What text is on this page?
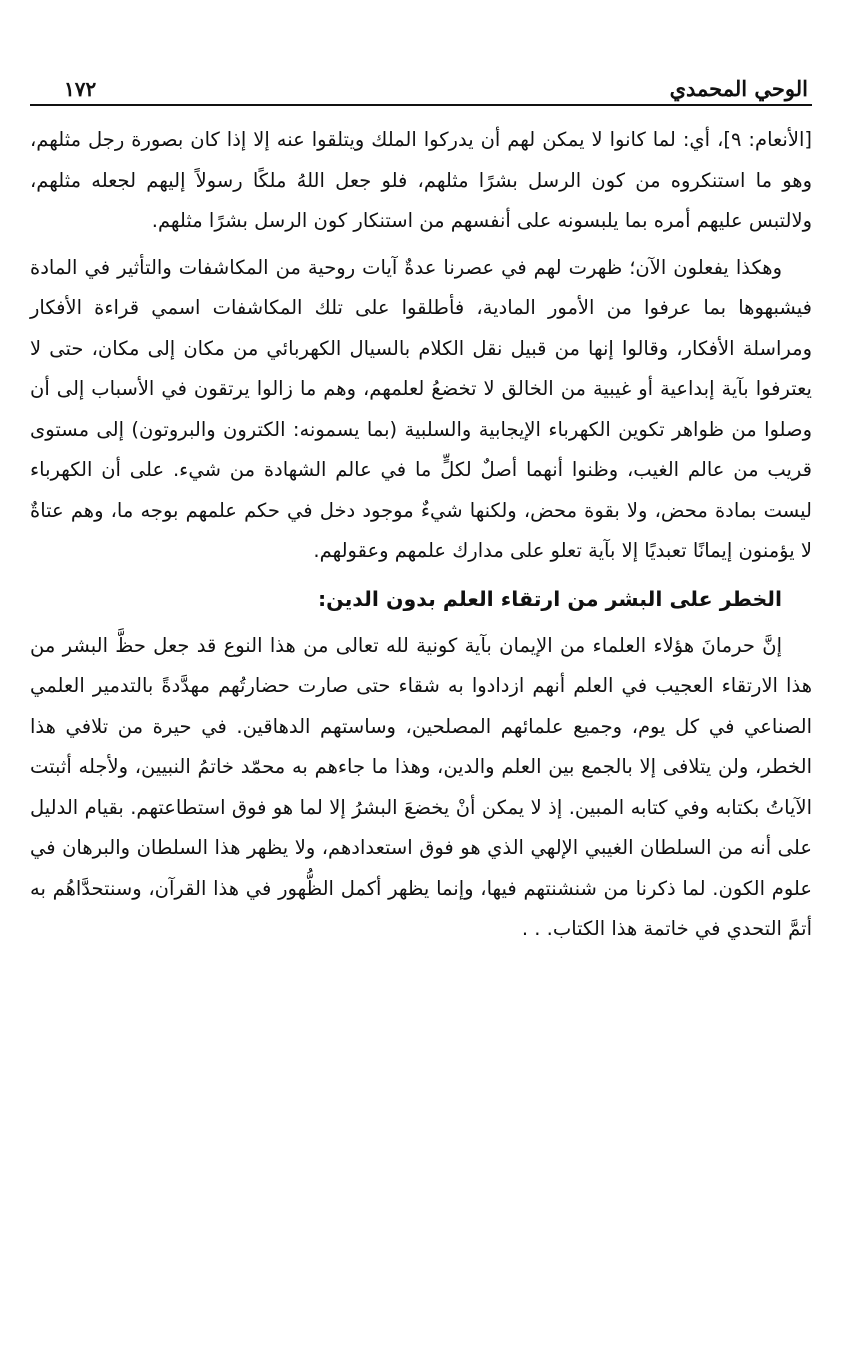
الوحي المحمدي
١٧٢

[الأنعام: ٩]، أي: لما كانوا لا يمكن لهم أن يدركوا الملك ويتلقوا عنه إلا إذا كان بصورة رجل مثلهم، وهو ما استنكروه من كون الرسل بشرًا مثلهم، فلو جعل اللهُ ملكًا رسولاً إليهم لجعله مثلهم، ولالتبس عليهم أمره بما يلبسونه على أنفسهم من استنكار كون الرسل بشرًا مثلهم.

وهكذا يفعلون الآن؛ ظهرت لهم في عصرنا عدةٌ آيات روحية من المكاشفات والتأثير في المادة فيشبهوها بما عرفوا من الأمور المادية، فأطلقوا على تلك المكاشفات اسمي قراءة الأفكار ومراسلة الأفكار، وقالوا إنها من قبيل نقل الكلام بالسيال الكهربائي من مكان إلى مكان، حتى لا يعترفوا بآية إبداعية أو غيبية من الخالق لا تخضعُ لعلمهم، وهم ما زالوا يرتقون في الأسباب إلى أن وصلوا من ظواهر تكوين الكهرباء الإيجابية والسلبية (بما يسمونه: الكترون والبروتون) إلى مستوى قريب من عالم الغيب، وظنوا أنهما أصلٌ لكلٍّ ما في عالم الشهادة من شيء. على أن الكهرباء ليست بمادة محض، ولا بقوة محض، ولكنها شيءٌ موجود دخل في حكم علمهم بوجه ما، وهم عتاةٌ لا يؤمنون إيمانًا تعبديًا إلا بآية تعلو على مدارك علمهم وعقولهم.

الخطر على البشر من ارتقاء العلم بدون الدين:

إنَّ حرمانَ هؤلاء العلماء من الإيمان بآية كونية لله تعالى من هذا النوع قد جعل حظَّ البشر من هذا الارتقاء العجيب في العلم أنهم ازدادوا به شقاء حتى صارت حضارتُهم مهدَّدةً بالتدمير العلمي الصناعي في كل يوم، وجميع علمائهم المصلحين، وساستهم الدهاقين. في حيرة من تلافي هذا الخطر، ولن يتلافى إلا بالجمع بين العلم والدين، وهذا ما جاءهم به محمّد خاتمُ النبيين، ولأجله أثبتت الآياتُ بكتابه وفي كتابه المبين. إذ لا يمكن أنْ يخضعَ البشرُ إلا لما هو فوق استطاعتهم. بقيام الدليل على أنه من السلطان الغيبي الإلهي الذي هو فوق استعدادهم، ولا يظهر هذا السلطان والبرهان في علوم الكون. لما ذكرنا من شنشنتهم فيها، وإنما يظهر أكمل الظُّهور في هذا القرآن، وسنتحدَّاهُم به أتمَّ التحدي في خاتمة هذا الكتاب. . .
